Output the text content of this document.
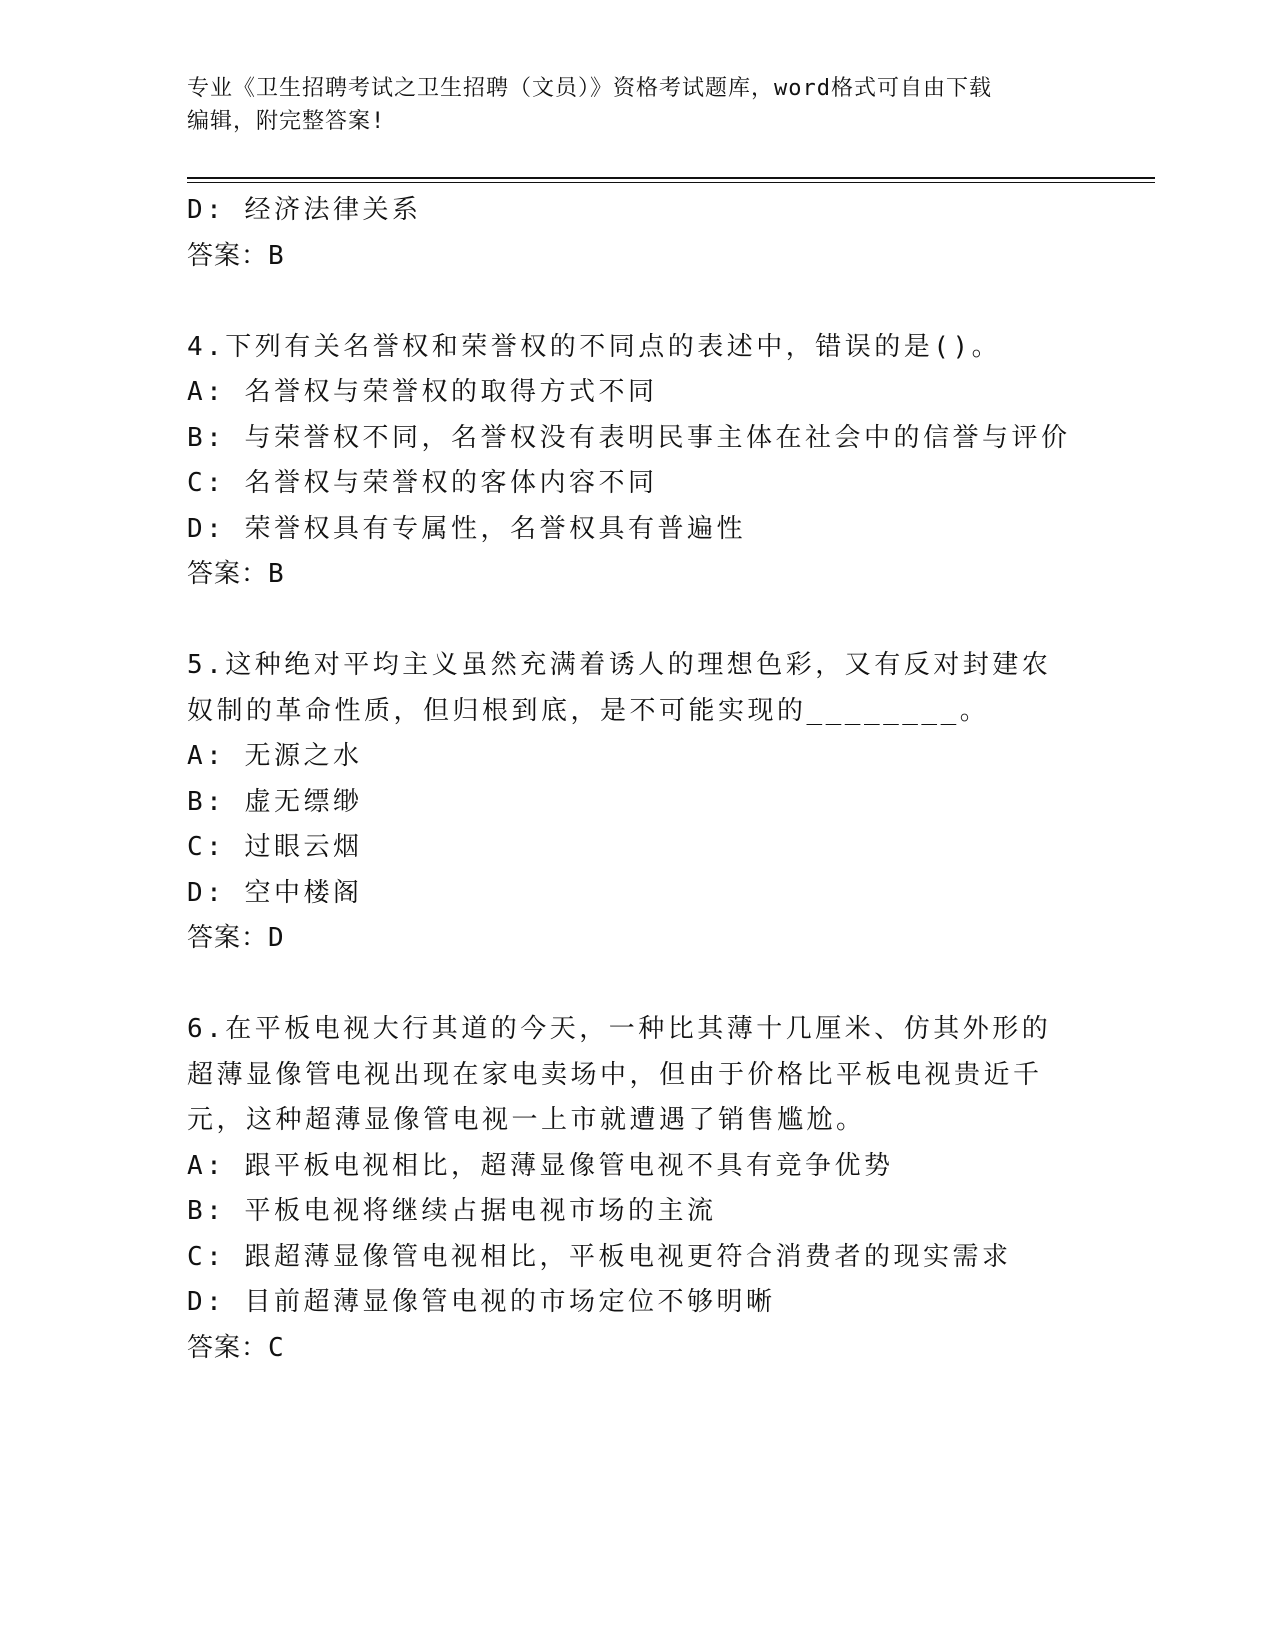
专业《卫生招聘考试之卫生招聘（文员）》资格考试题库，word格式可自由下载
编辑，附完整答案!
D: 经济法律关系
答案：B
4.下列有关名誉权和荣誉权的不同点的表述中，错误的是()。
A: 名誉权与荣誉权的取得方式不同
B: 与荣誉权不同，名誉权没有表明民事主体在社会中的信誉与评价
C: 名誉权与荣誉权的客体内容不同
D: 荣誉权具有专属性，名誉权具有普遍性
答案：B
5.这种绝对平均主义虽然充满着诱人的理想色彩，又有反对封建农奴制的革命性质，但归根到底，是不可能实现的________。
A: 无源之水
B: 虚无缥缈
C: 过眼云烟
D: 空中楼阁
答案：D
6.在平板电视大行其道的今天，一种比其薄十几厘米、仿其外形的超薄显像管电视出现在家电卖场中，但由于价格比平板电视贵近千元，这种超薄显像管电视一上市就遭遇了销售尴尬。
A: 跟平板电视相比，超薄显像管电视不具有竞争优势
B: 平板电视将继续占据电视市场的主流
C: 跟超薄显像管电视相比，平板电视更符合消费者的现实需求
D: 目前超薄显像管电视的市场定位不够明晰
答案：C
